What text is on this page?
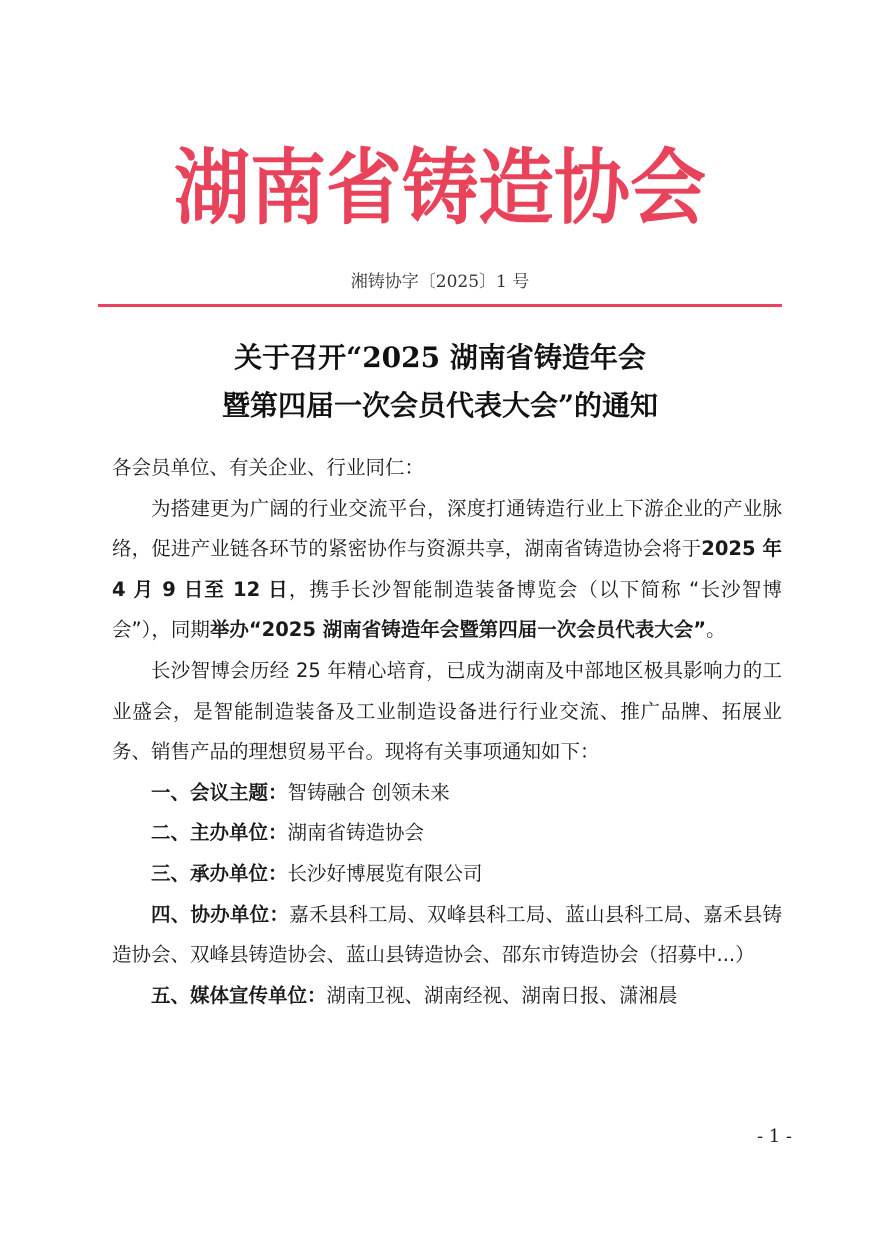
湖南省铸造协会
湘铸协字〔2025〕1 号
关于召开“2025 湖南省铸造年会
暨第四届一次会员代表大会”的通知

各会员单位、有关企业、行业同仁：

为搭建更为广阔的行业交流平台，深度打通铸造行业上下游企业的产业脉络，促进产业链各环节的紧密协作与资源共享，湖南省铸造协会将于2025 年 4 月 9 日至 12 日，携手长沙智能制造装备博览会（以下简称 “长沙智博会”），同期举办“2025 湖南省铸造年会暨第四届一次会员代表大会”。

长沙智博会历经 25 年精心培育，已成为湖南及中部地区极具影响力的工业盛会，是智能制造装备及工业制造设备进行行业交流、推广品牌、拓展业务、销售产品的理想贸易平台。现将有关事项通知如下：

一、会议主题：智铸融合 创领未来

二、主办单位：湖南省铸造协会

三、承办单位：长沙好博展览有限公司

四、协办单位：嘉禾县科工局、双峰县科工局、蓝山县科工局、嘉禾县铸造协会、双峰县铸造协会、蓝山县铸造协会、邵东市铸造协会（招募中...）

五、媒体宣传单位：湖南卫视、湖南经视、湖南日报、潇湘晨

- 1 -
